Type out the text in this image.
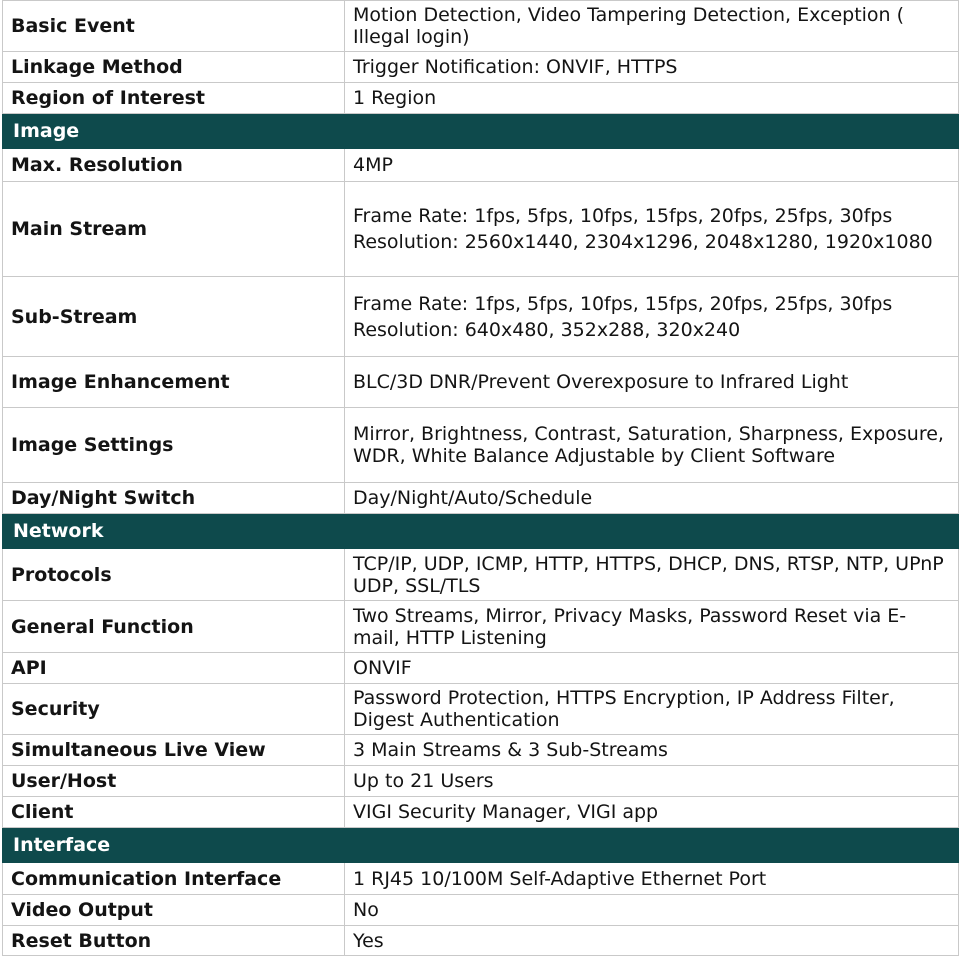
Basic Event	Motion Detection, Video Tampering Detection, Exception ( Illegal login)

Linkage Method	Trigger Notification: ONVIF, HTTPS

Region of Interest	1 Region

Image	
Max. Resolution	4MP

Main Stream	Frame Rate: 1fps, 5fps, 10fps, 15fps, 20fps, 25fps, 30fps
Resolution: 2560x1440, 2304x1296, 2048x1280, 1920x1080

Sub-Stream	Frame Rate: 1fps, 5fps, 10fps, 15fps, 20fps, 25fps, 30fps
Resolution: 640x480, 352x288, 320x240

Image Enhancement	BLC/3D DNR/Prevent Overexposure to Infrared Light

Image Settings	Mirror, Brightness, Contrast, Saturation, Sharpness, Exposure, WDR, White Balance Adjustable by Client Software

Day/Night Switch	Day/Night/Auto/Schedule

Network	
Protocols	TCP/IP, UDP, ICMP, HTTP, HTTPS, DHCP, DNS, RTSP, NTP, UPnP UDP, SSL/TLS

General Function	Two Streams, Mirror, Privacy Masks, Password Reset via E-mail, HTTP Listening

API	ONVIF

Security	Password Protection, HTTPS Encryption, IP Address Filter, Digest Authentication

Simultaneous Live View	3 Main Streams & 3 Sub-Streams

User/Host	Up to 21 Users

Client	VIGI Security Manager, VIGI app

Interface	
Communication Interface	1 RJ45 10/100M Self-Adaptive Ethernet Port

Video Output	No

Reset Button	Yes
